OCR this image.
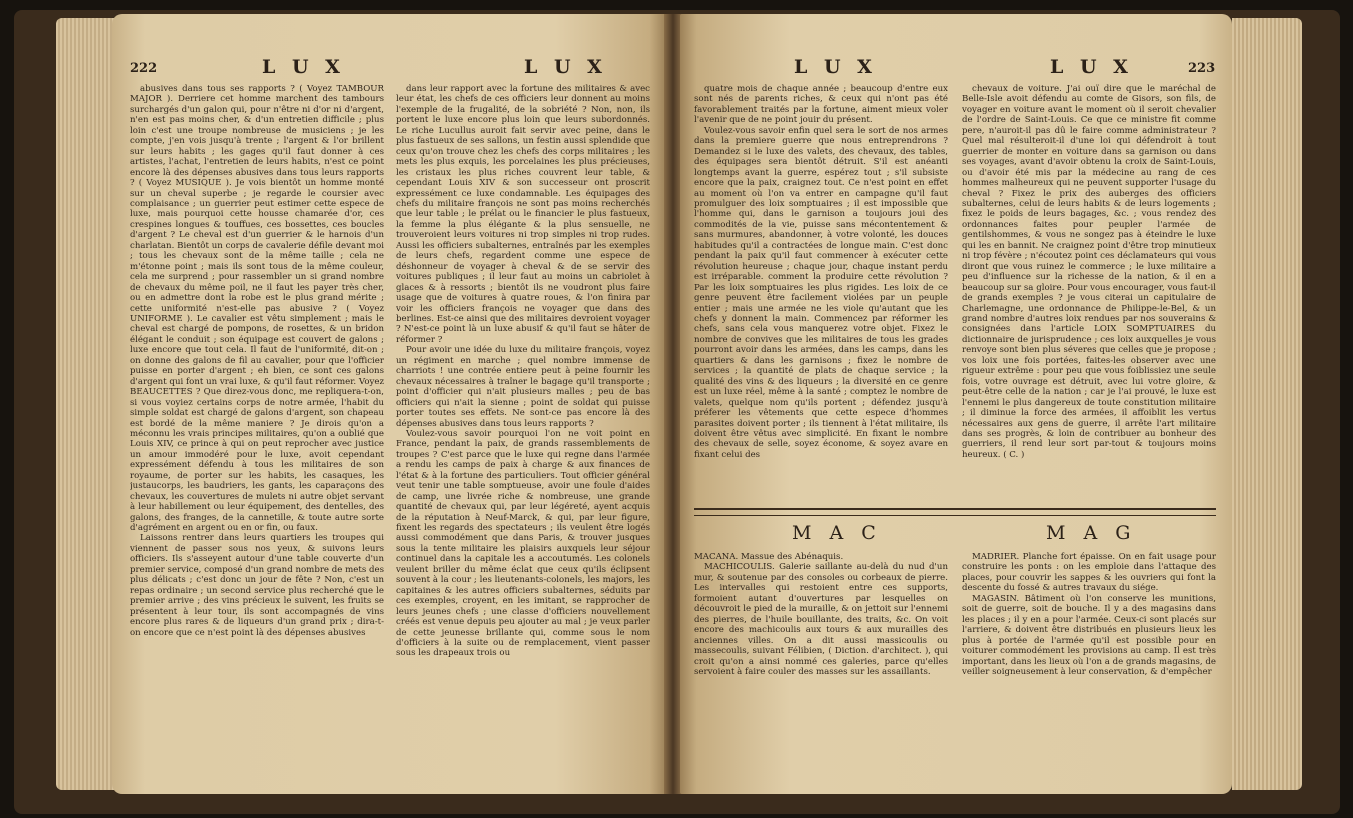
222	L U X	L U X

abusives dans tous ses rapports ? ( Voyez TAMBOUR MAJOR ). Derriere cet homme marchent des tambours surchargés d'un galon qui, pour n'être ni d'or ni d'argent, n'en est pas moins cher, & d'un entretien difficile ; plus loin c'est une troupe nombreuse de musiciens ; je les compte, j'en vois jusqu'à trente ; l'argent & l'or brillent sur leurs habits ; les gages qu'il faut donner à ces artistes, l'achat, l'entretien de leurs habits, n'est ce point encore là des dépenses abusives dans tous leurs rapports ? ( Voyez MUSIQUE ). Je vois bientôt un homme monté sur un cheval superbe ; je regarde le coursier avec complaisance ; un guerrier peut estimer cette espece de luxe, mais pourquoi cette housse chamarée d'or, ces crespines longues & touffues, ces bossettes, ces boucles d'argent ? Le cheval est d'un guerrier & le harnois d'un charlatan. Bientôt un corps de cavalerie défile devant moi ; tous les chevaux sont de la même taille ; cela ne m'étonne point ; mais ils sont tous de la même couleur, cela me surprend ; pour rassembler un si grand nombre de chevaux du même poil, ne il faut les payer très cher, ou en admettre dont la robe est le plus grand mérite ; cette uniformité n'est-elle pas abusive ? ( Voyez UNIFORME ). Le cavalier est vêtu simplement ; mais le cheval est chargé de pompons, de rosettes, & un bridon élégant le conduit ; son équipage est couvert de galons ; luxe encore que tout cela. Il faut de l'uniformité, dit-on ; on donne des galons de fil au cavalier, pour que l'officier puisse en porter d'argent ; eh bien, ce sont ces galons d'argent qui font un vrai luxe, & qu'il faut réformer. Voyez BEAUCETTES ? Que direz-vous donc, me repliquera-t-on, si vous voyiez certains corps de notre armée, l'habit du simple soldat est chargé de galons d'argent, son chapeau est bordé de la même maniere ? Je dirois qu'on a méconnu les vrais principes militaires, qu'on a oublié que Louis XIV, ce prince à qui on peut reprocher avec justice un amour immodéré pour le luxe, avoit cependant expressément défendu à tous les militaires de son royaume, de porter sur les habits, les casaques, les justaucorps, les baudriers, les gants, les caparaçons des chevaux, les couvertures de mulets ni autre objet servant à leur habillement ou leur équipement, des dentelles, des galons, des franges, de la cannetille, & toute autre sorte d'agrément en argent ou en or fin, ou faux.

Laissons rentrer dans leurs quartiers les troupes qui viennent de passer sous nos yeux, & suivons leurs officiers. Ils s'asseyent autour d'une table couverte d'un premier service, composé d'un grand nombre de mets des plus délicats ; c'est donc un jour de fête ? Non, c'est un repas ordinaire ; un second service plus recherché que le premier arrive ; des vins précieux le suivent, les fruits se présentent à leur tour, ils sont accompagnés de vins encore plus rares & de liqueurs d'un grand prix ; dira-t-on encore que ce n'est point là des dépenses abusives

dans leur rapport avec la fortune des militaires & avec leur état, les chefs de ces officiers leur donnent au moins l'exemple de la frugalité, de la sobriété ? Non, non, ils portent le luxe encore plus loin que leurs subordonnés. Le riche Lucullus auroit fait servir avec peine, dans le plus fastueux de ses sallons, un festin aussi splendide que ceux qu'on trouve chez les chefs des corps militaires ; les mets les plus exquis, les porcelaines les plus précieuses, les cristaux les plus riches couvrent leur table, & cependant Louis XIV & son successeur ont proscrit expressément ce luxe condamnable. Les équipages des chefs du militaire françois ne sont pas moins recherchés que leur table ; le prélat ou le financier le plus fastueux, la femme la plus élégante & la plus sensuelle, ne trouveroient leurs voitures ni trop simples ni trop rudes. Aussi les officiers subalternes, entraînés par les exemples de leurs chefs, regardent comme une espece de déshonneur de voyager à cheval & de se servir des voitures publiques ; il leur faut au moins un cabriolet à glaces & à ressorts ; bientôt ils ne voudront plus faire usage que de voitures à quatre roues, & l'on finira par voir les officiers françois ne voyager que dans des berlines. Est-ce ainsi que des militaires devroient voyager ? N'est-ce point là un luxe abusif & qu'il faut se hâter de réformer ?

Pour avoir une idée du luxe du militaire françois, voyez un régiment en marche ; quel nombre immense de charriots ! une contrée entiere peut à peine fournir les chevaux nécessaires à traîner le bagage qu'il transporte ; point d'officier qui n'ait plusieurs malles ; peu de bas officiers qui n'ait la sienne ; point de soldat qui puisse porter toutes ses effets. Ne sont-ce pas encore là des dépenses abusives dans tous leurs rapports ?

Voulez-vous savoir pourquoi l'on ne voit point en France, pendant la paix, de grands rassemblements de troupes ? C'est parce que le luxe qui regne dans l'armée a rendu les camps de paix à charge & aux finances de l'état & à la fortune des particuliers. Tout officier général veut tenir une table somptueuse, avoir une foule d'aides de camp, une livrée riche & nombreuse, une grande quantité de chevaux qui, par leur légéreté, ayent acquis de la réputation à Neuf-Marck, & qui, par leur figure, fixent les regards des spectateurs ; ils veulent être logés aussi commodément que dans Paris, & trouver jusques sous la tente militaire les plaisirs auxquels leur séjour continuel dans la capitale les a accoutumés. Les colonels veulent briller du même éclat que ceux qu'ils éclipsent souvent à la cour ; les lieutenants-colonels, les majors, les capitaines & les autres officiers subalternes, séduits par ces exemples, croyent, en les imitant, se rapprocher de leurs jeunes chefs ; une classe d'officiers nouvellement créés est venue depuis peu ajouter au mal ; je veux parler de cette jeunesse brillante qui, comme sous le nom d'officiers à la suite ou de remplacement, vient passer sous les drapeaux trois ou

L U X	L U X	223

quatre mois de chaque année ; beaucoup d'entre eux sont nés de parents riches, & ceux qui n'ont pas été favorablement traités par la fortune, aiment mieux voler l'avenir que de ne point jouir du présent.

Voulez-vous savoir enfin quel sera le sort de nos armes dans la premiere guerre que nous entreprendrons ? Demandez si le luxe des valets, des chevaux, des tables, des équipages sera bientôt détruit. S'il est anéanti longtemps avant la guerre, espérez tout ; s'il subsiste encore que la paix, craignez tout. Ce n'est point en effet au moment où l'on va entrer en campagne qu'il faut promulguer des loix somptuaires ; il est impossible que l'homme qui, dans le garnison a toujours joui des commodités de la vie, puisse sans mécontentement & sans murmures, abandonner, à votre volonté, les douces habitudes qu'il a contractées de longue main. C'est donc pendant la paix qu'il faut commencer à exécuter cette révolution heureuse ; chaque jour, chaque instant perdu est irréparable. comment la produire cette révolution ? Par les loix somptuaires les plus rigides. Les loix de ce genre peuvent être facilement violées par un peuple entier ; mais une armée ne les viole qu'autant que les chefs y donnent la main. Commencez par réformer les chefs, sans cela vous manquerez votre objet. Fixez le nombre de convives que les militaires de tous les grades pourront avoir dans les armées, dans les camps, dans les quartiers & dans les garnisons ; fixez le nombre de services ; la quantité de plats de chaque service ; la qualité des vins & des liqueurs ; la diversité en ce genre est un luxe réel, même à la santé ; comptez le nombre de valets, quelque nom qu'ils portent ; défendez jusqu'à préferer les vêtements que cette espece d'hommes parasites doivent porter ; ils tiennent à l'état militaire, ils doivent être vêtus avec simplicité. En fixant le nombre des chevaux de selle, soyez économe, & soyez avare en fixant celui des

chevaux de voiture. J'ai ouï dire que le maréchal de Belle-Isle avoit défendu au comte de Gisors, son fils, de voyager en voiture avant le moment où il seroit chevalier de l'ordre de Saint-Louis. Ce que ce ministre fit comme pere, n'auroit-il pas dû le faire comme administrateur ? Quel mal résulteroit-il d'une loi qui défendroit à tout guerrier de monter en voiture dans sa garnison ou dans ses voyages, avant d'avoir obtenu la croix de Saint-Louis, ou d'avoir été mis par la médecine au rang de ces hommes malheureux qui ne peuvent supporter l'usage du cheval ? Fixez le prix des auberges des officiers subalternes, celui de leurs habits & de leurs logements ; fixez le poids de leurs bagages, &c. ; vous rendez des ordonnances faites pour peupler l'armée de gentilshommes, & vous ne songez pas à éteindre le luxe qui les en bannit. Ne craignez point d'être trop minutieux ni trop févère ; n'écoutez point ces déclamateurs qui vous diront que vous ruinez le commerce ; le luxe militaire a peu d'influence sur la richesse de la nation, & il en a beaucoup sur sa gloire. Pour vous encourager, vous faut-il de grands exemples ? je vous citerai un capitulaire de Charlemagne, une ordonnance de Philippe-le-Bel, & un grand nombre d'autres loix rendues par nos souverains & consignées dans l'article LOIX SOMPTUAIRES du dictionnaire de jurisprudence ; ces loix auxquelles je vous renvoye sont bien plus séveres que celles que je propose ; vos loix une fois portées, faites-les observer avec une rigueur extrême : pour peu que vous foiblissiez une seule fois, votre ouvrage est détruit, avec lui votre gloire, & peut-être celle de la nation ; car je l'ai prouvé, le luxe est l'ennemi le plus dangereux de toute constitution militaire ; il diminue la force des armées, il affoiblit les vertus nécessaires aux gens de guerre, il arrête l'art militaire dans ses progrès, & loin de contribuer au bonheur des guerriers, il rend leur sort par-tout & toujours moins heureux. ( C. )

M A C	M A G

MACANA. Massue des Abénaquis.

MACHICOULIS. Galerie saillante au-delà du nud d'un mur, & soutenue par des consoles ou corbeaux de pierre. Les intervalles qui restoient entre ces supports, formoient autant d'ouvertures par lesquelles on découvroit le pied de la muraille, & on jettoit sur l'ennemi des pierres, de l'huile bouillante, des traits, &c. On voit encore des machicoulis aux tours & aux murailles des anciennes villes. On a dit aussi massicoulis ou massecoulis, suivant Félibien, ( Diction. d'architect. ), qui croit qu'on a ainsi nommé ces galeries, parce qu'elles servoient à faire couler des masses sur les assaillants.

MADRIER. Planche fort épaisse. On en fait usage pour construire les ponts : on les emploie dans l'attaque des places, pour couvrir les sappes & les ouvriers qui font la descente du fossé & autres travaux du siége.

MAGASIN. Bâtiment où l'on conserve les munitions, soit de guerre, soit de bouche. Il y a des magasins dans les places ; il y en a pour l'armée. Ceux-ci sont placés sur l'arriere, & doivent être distribués en plusieurs lieux les plus à portée de l'armée qu'il est possible pour en voiturer commodément les provisions au camp. Il est très important, dans les lieux où l'on a de grands magasins, de veiller soigneusement à leur conservation, & d'empêcher
